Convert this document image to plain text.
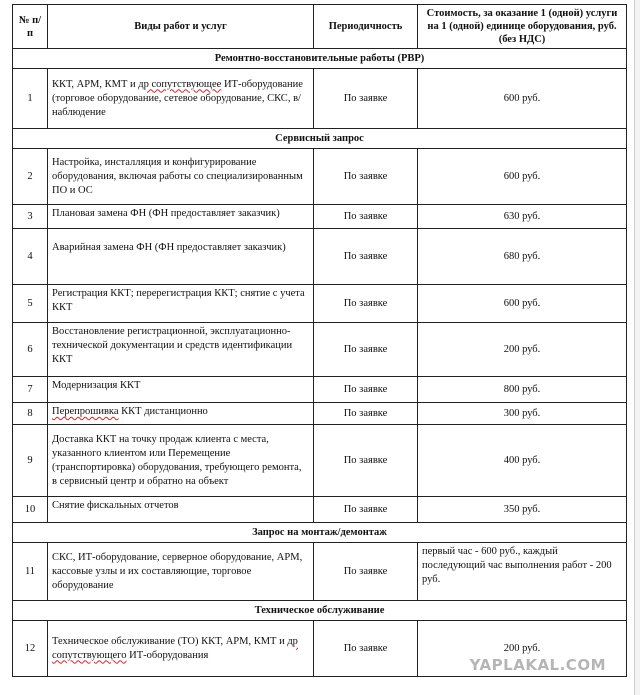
№ п/п	Виды работ и услуг	Периодичность	Стоимость, за оказание 1 (одной) услуги на 1 (одной) единице оборудования, руб. (без НДС)
Ремонтно-восстановительные работы (РВР)			
1	ККТ, АРМ, КМТ и др сопутствующее ИТ-оборудование (торговое оборудование, сетевое оборудование, СКС, в/наблюдение	По заявке	600 руб.
Сервисный запрос			
2	Настройка, инсталляция и конфигурирование оборудования, включая работы со специализированным ПО и ОС	По заявке	600 руб.
3	Плановая замена ФН (ФН предоставляет заказчик)	По заявке	630 руб.
4	Аварийная замена ФН (ФН предоставляет заказчик)	По заявке	680 руб.
5	Регистрация ККТ; перерегистрация ККТ; снятие с учета ККТ	По заявке	600 руб.
6	Восстановление регистрационной, эксплуатационно-технической документации и средств идентификации ККТ	По заявке	200 руб.
7	Модернизация ККТ	По заявке	800 руб.
8	Перепрошивка ККТ дистанционно	По заявке	300 руб.
9	Доставка ККТ на точку продаж клиента с места, указанного клиентом или Перемещение (транспортировка) оборудования, требующего ремонта, в сервисный центр и обратно на объект	По заявке	400 руб.
10	Снятие фискальных отчетов	По заявке	350 руб.
Запрос на монтаж/демонтаж			
11	СКС, ИТ-оборудование, серверное оборудование, АРМ, кассовые узлы и их составляющие, торговое оборудование	По заявке	первый час - 600 руб., каждый последующий час выполнения работ - 200 руб.
Техническое обслуживание			
12	Техническое обслуживание (ТО) ККТ, АРМ, КМТ и др сопутствующего ИТ-оборудования	По заявке	200 руб.
YAPLAKAL.COM
